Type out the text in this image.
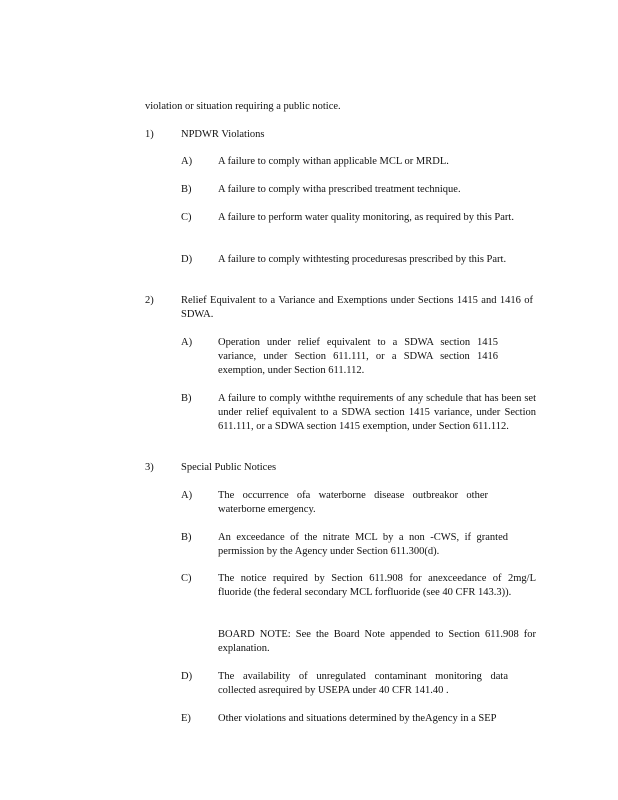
violation or situation requiring a public notice.
1)	NPDWR Violations
A) A failure to comply withan applicable MCL or MRDL.
B)	A failure to comply witha prescribed treatment technique.
C)	A failure to perform water quality monitoring, as required by this Part.
D) A failure to comply withtesting proceduresas prescribed by this Part.
2)	Relief Equivalent to a Variance and Exemptions under Sections 1415 and 1416 of SDWA.
A) Operation under relief equivalent to a SDWA section 1415 variance, under Section 611.111, or a SDWA section 1416 exemption, under Section 611.112.
B)	A failure to comply withthe requirements of any schedule that has been set under relief equivalent to a SDWA section 1415 variance, under Section 611.111, or a SDWA section 1415 exemption, under Section 611.112.
3)	Special Public Notices
A) The occurrence ofa waterborne disease outbreakor other waterborne emergency.
B)	An exceedance of the nitrate MCL by a non -CWS, if granted permission by the Agency under Section 611.300(d).
C)	The notice required by Section 611.908 for anexceedance of 2mg/L fluoride (the federal secondary MCL forfluoride (see 40 CFR 143.3)).
BOARD NOTE: See the Board Note appended to Section 611.908 for explanation.
D) The availability of unregulated contaminant monitoring data collected asrequired by USEPA under 40 CFR 141.40 .
E)	Other violations and situations determined by theAgency in a SEP
